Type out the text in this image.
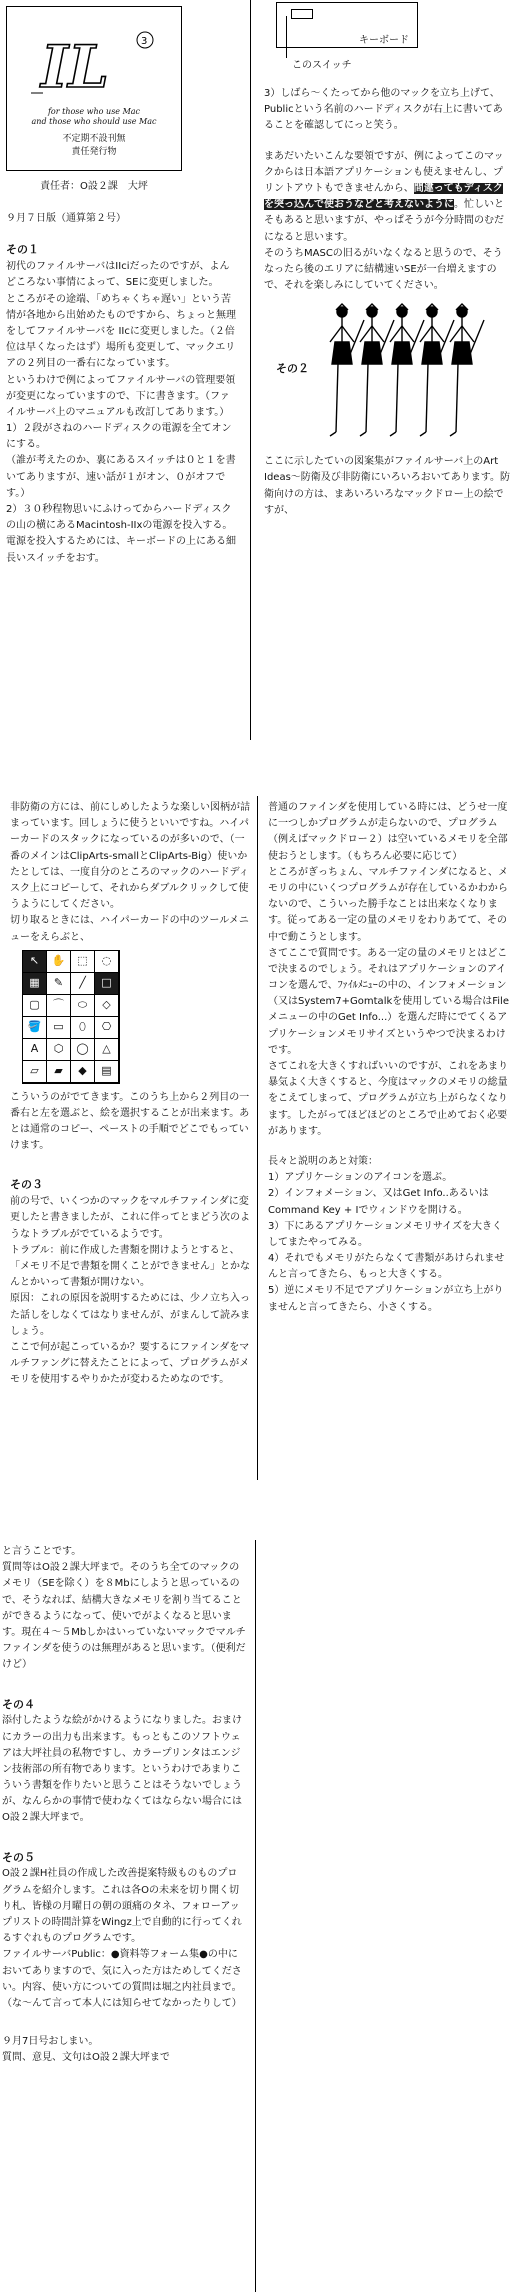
IL	3
for those who use Mac
and those who should use Mac
不定期不設刊無
責任発行物
責任者：O設２課　大坪

９月７日版（通算第２号）

その１

初代のファイルサーバはIIciだったのですが、よんどころない事情によって、SEに変更しました。

ところがその途端、「めちゃくちゃ遅い」という苦情が各地から出始めたものですから、ちょっと無理をしてファイルサーバを IIcに変更しました。（２倍位は早くなったはず）場所も変更して、マックエリアの２列目の一番右になっています。

というわけで例によってファイルサーバの管理要領が変更になっていますので、下に書きます。（ファイルサーバ上のマニュアルも改訂してあります。）

1）２段がさねのハードディスクの電源を全てオンにする。

（誰が考えたのか、裏にあるスイッチは０と１を書いてありますが、速い話が１がオン、０がオフです。）

2）３０秒程物思いにふけってからハードディスクの山の横にあるMacintosh-IIxの電源を投入する。電源を投入するためには、キーボードの上にある細長いスイッチをおす。

キーボード
このスイッチ

3）しばら～くたってから他のマックを立ち上げて、Publicという名前のハードディスクが右上に書いてあることを確認してにっと笑う。

まあだいたいこんな要領ですが、例によってこのマックからは日本語アプリケーションも使えませんし、プリントアウトもできませんから、間違ってもディスクを突っ込んで使おうなどと考えないように。忙しいとそもあると思いますが、やっぱそうが今分時間のむだになると思います。

そのうちMASCの旧るがいなくなると思うので、そうなったら後のエリアに結構速いSEが一台増えますので、それを楽しみにしていてください。

その２

ここに示したていの図案集がファイルサーバ上のArt Ideas～防衛及び非防衛にいろいろおいてあります。防衛向けの方は、まあいろいろなマックドロー上の絵ですが、

非防衛の方には、前にしめしたような楽しい図柄が詰まっています。回しょうに使うといいですね。ハイパーカードのスタックになっているのが多いので、（一番のメインはClipArts-smallとClipArts-Big）使いかたとしては、一度自分のところのマックのハードディスク上にコピーして、それからダブルクリックして使うようにしてください。

切り取るときには、ハイパーカードの中のツールメニューをえらぶと、

↖	✋	⬚	◌
▦	✎	╱	□
▢	⌒	⬭	◇
🪣	▭	⬯	⎔
A	⬡	◯	△
▱	▰	◆	▤

こういうのがでてきます。このうち上から２列目の一番右と左を選ぶと、絵を選択することが出来ます。あとは通常のコピー、ペーストの手順でどこでもっていけます。

その３

前の号で、いくつかのマックをマルチファインダに変更したと書きましたが、これに伴ってとまどう次のようなトラブルがでているようです。

トラブル：前に作成した書類を開けようとすると、「メモリ不足で書類を開くことができません」とかなんとかいって書類が開けない。

原因：これの原因を説明するためには、少ノ立ち入った話しをしなくてはなりませんが、がまんして読みましょう。

ここで何が起こっているか？要するにファインダをマルチファングに替えたことによって、プログラムがメモリを使用するやりかたが変わるためなのです。

普通のファインダを使用している時には、どうせ一度に一つしかプログラムが走らないので、プログラム（例えばマックドロー２）は空いているメモリを全部使おうとします。（もちろん必要に応じて）

ところがぎっちょん、マルチファインダになると、メモリの中にいくつプログラムが存在しているかわからないので、こういった勝手なことは出来なくなります。従ってある一定の量のメモリをわりあてて、その中で動こうとします。

さてここで質問です。ある一定の量のメモリとはどこで決まるのでしょう。それはアプリケーションのアイコンを選んで、ﾌｧｲﾙﾒﾆｭｰの中の、インフォメーション（又はSystem7+Gomtalkを使用している場合はFileメニューの中のGet Info...）を選んだ時にでてくるアプリケーションメモリサイズというやつで決まるわけです。

さてこれを大きくすればいいのですが、これをあまり暴気よく大きくすると、今度はマックのメモリの総量をこえてしまって、プログラムが立ち上がらなくなります。したがってほどほどのところで止めておく必要があります。

長々と説明のあと対策：

1）アプリケーションのアイコンを選ぶ。

2）インフォメーション、又はGet Info..あるいはCommand Key + Iでウィンドウを開ける。

3）下にあるアプリケーションメモリサイズを大きくしてまたやってみる。

4）それでもメモリがたらなくて書類があけられませんと言ってきたら、もっと大きくする。

5）逆にメモリ不足でアプリケーションが立ち上がりませんと言ってきたら、小さくする。

と言うことです。

質問等はO設２課大坪まで。そのうち全てのマックのメモリ（SEを除く）を８Mbにしようと思っているので、そうなれば、結構大きなメモリを割り当てることができるようになって、使いでがよくなると思います。現在４～５Mbしかはいっていないマックでマルチファインダを使うのは無理があると思います。（便利だけど）

その４

添付したような絵がかけるようになりました。おまけにカラーの出力も出来ます。もっともこのソフトウェアは大坪社員の私物ですし、カラープリンタはエンジン技術部の所有物であります。というわけであまりこういう書類を作りたいと思うことはそうないでしょうが、なんらかの事情で使わなくてはならない場合にはO設２課大坪まで。

その５

O設２課H社員の作成した改善提案特級ものものプログラムを紹介します。これは各Oの未来を切り開く切り札、皆様の月曜日の朝の頭痛のタネ、フォローアップリストの時間計算をWingz上で自動的に行ってくれるすぐれものプログラムです。

ファイルサーバPublic：●資料等フォーム集●の中においてありますので、気に入った方はためしてください。内容、使い方についての質問は堀之内社員まで。（な～んて言って本人には知らせてなかったりして）

９月7日号おしまい。

質問、意見、文句はO設２課大坪まで
